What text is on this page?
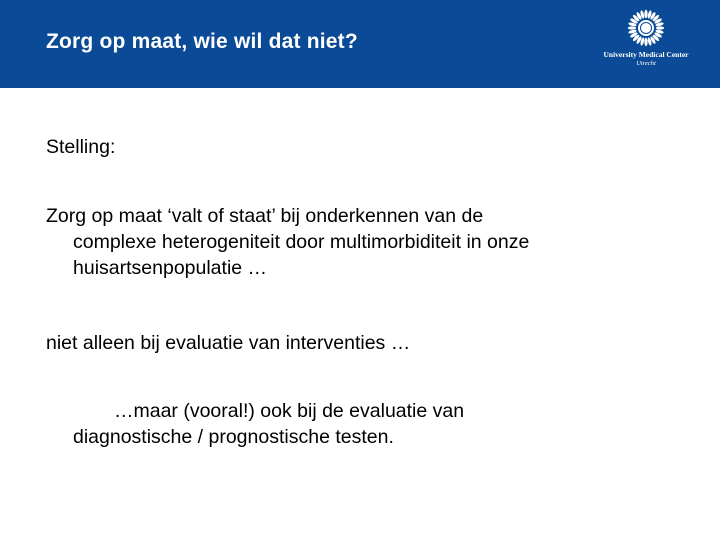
Zorg op maat, wie wil dat niet?
University Medical Center
Utrecht
Stelling:
Zorg op maat ‘valt of staat’ bij onderkennen van de
complexe heterogeniteit door multimorbiditeit in onze
huisartsenpopulatie …
niet alleen bij evaluatie van interventies …
…maar (vooral!) ook bij de evaluatie van
diagnostische / prognostische testen.
